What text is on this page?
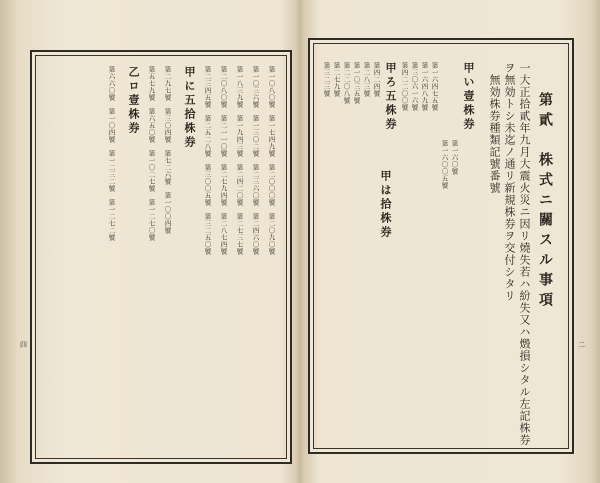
第貳　株式ニ關スル事項
一大正拾貳年九月大震火災ニ因リ燒失若ハ紛失又ハ燬損シタル左記株券
ヲ無効トシ未迄ノ通リ新規株券ヲ交付シタリ
　無効株券種類記號番號
甲い壹株券
第一六〇號
第一六〇〇五號
第一六四七五號
第一六四八九號
第三〇六一六號
第四二二〇〇號
甲ろ五株券
第四二四號
第二八三號
第一〇三五號
甲は拾株券
第二二〇八號
第二七九號
第三二三號
二
第一〇八〇號　第一七四九號　第二〇〇〇號　第二〇九〇號
第一〇三六號　第一三〇二號　第二三六〇號　第二四六〇號
第一八三九號　第一九四三號　第二四二〇號　第二七三七號
第二〇八〇號　第二一一〇號　第二七九四號　第二八七四號
第二三四五號　第二五二八號　第三〇〇五號　第三二五〇號
甲に五拾株券
第二九七號　第三〇四號　第七二六號　第一〇〇四號
第五七九號　第六五〇號　第一〇二七號　第一二七〇號
乙ロ壹株券
第六六〇號　第一〇四號　第一二三二號　第一二七二號
四
